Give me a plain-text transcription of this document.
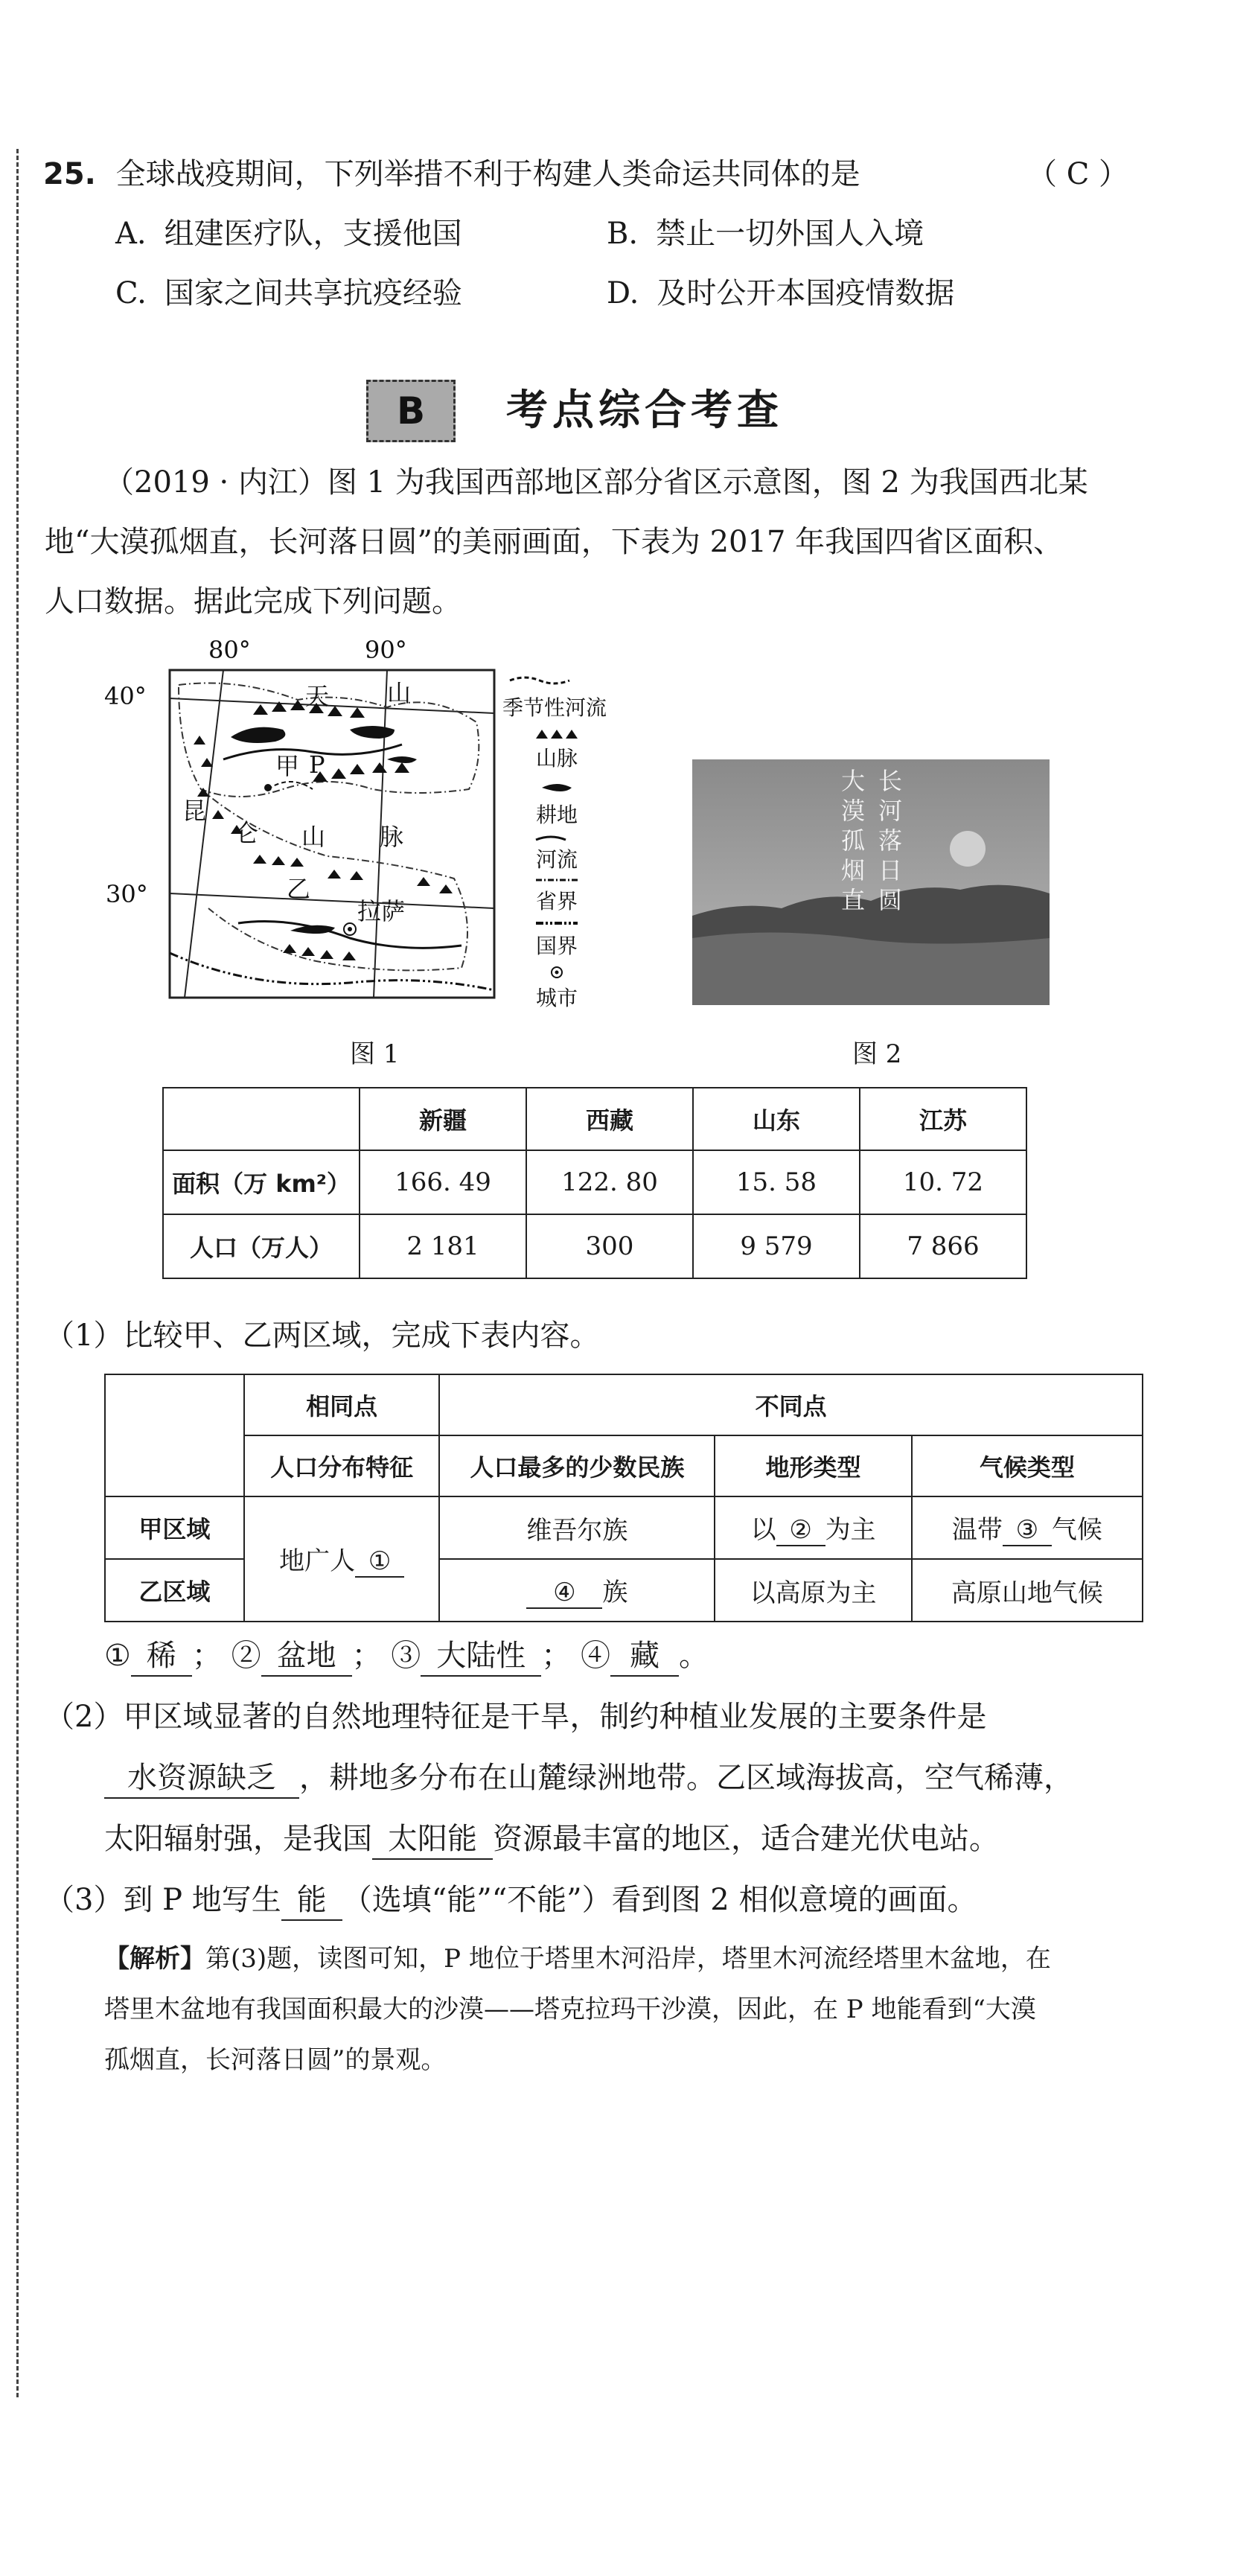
25. 全球战疫期间，下列举措不利于构建人类命运共同体的是	（ C ）
A. 组建医疗队，支援他国	B. 禁止一切外国人入境
C. 国家之间共享抗疫经验	D. 及时公开本国疫情数据
B	考点综合考查
（2019 · 内江）图 1 为我国西部地区部分省区示意图，图 2 为我国西北某
地“大漠孤烟直，长河落日圆”的美丽画面，下表为 2017 年我国四省区面积、
人口数据。据此完成下列问题。
80°	90°
40°
30°
天 山
甲 P
昆
仑 山 脉
乙
拉萨
季节性河流
山脉
耕地
河流
省界
国界
城市
图 1
大
漠
孤
烟
直
长
河
落
日
圆
图 2
	新疆	西藏	山东	江苏
面积（万 km²）	166. 49	122. 80	15. 58	10. 72
人口（万人）	2 181	300	9 579	7 866
（1）比较甲、乙两区域，完成下表内容。
	相同点	不同点		
	人口分布特征	人口最多的少数民族	地形类型	气候类型
甲区域	地广人 ①	维吾尔族	以 ② 为主	温带 ③ 气候
乙区域		④ 族	以高原为主	高原山地气候
① 稀 ； ② 盆地 ； ③ 大陆性 ； ④ 藏 。
（2）甲区域显著的自然地理特征是干旱，制约种植业发展的主要条件是
水资源缺乏 ，耕地多分布在山麓绿洲地带。乙区域海拔高，空气稀薄，
太阳辐射强，是我国 太阳能 资源最丰富的地区，适合建光伏电站。
（3）到 P 地写生 能 （选填“能”“不能”）看到图 2 相似意境的画面。
【解析】第(3)题，读图可知，P 地位于塔里木河沿岸，塔里木河流经塔里木盆地，在
塔里木盆地有我国面积最大的沙漠——塔克拉玛干沙漠，因此，在 P 地能看到“大漠
孤烟直，长河落日圆”的景观。
